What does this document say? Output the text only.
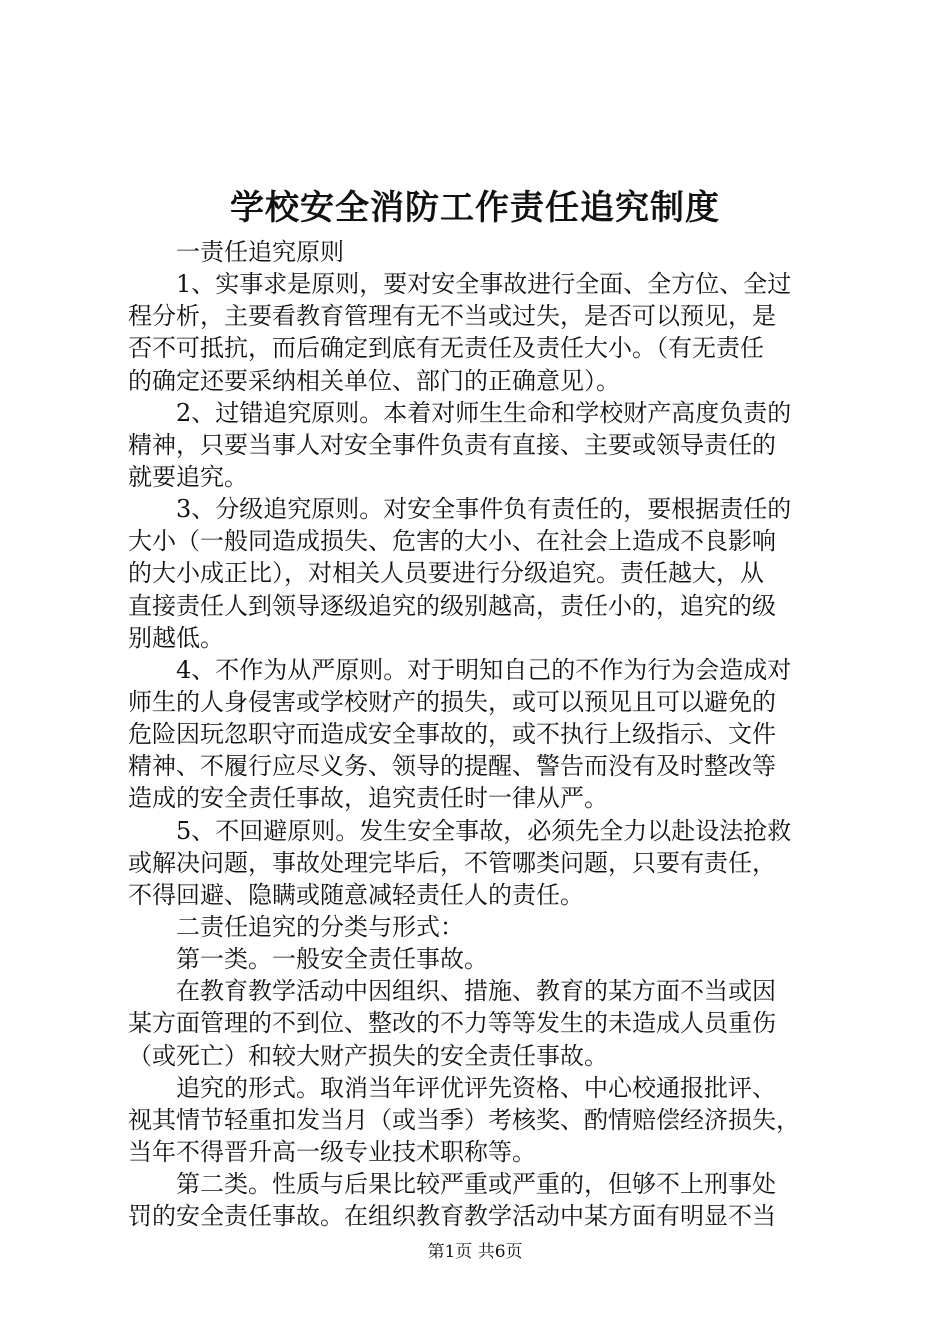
学校安全消防工作责任追究制度
　　一责任追究原则
　　1、实事求是原则，要对安全事故进行全面、全方位、全过
程分析，主要看教育管理有无不当或过失，是否可以预见，是
否不可抵抗，而后确定到底有无责任及责任大小。（有无责任
的确定还要采纳相关单位、部门的正确意见）。
　　2、过错追究原则。本着对师生生命和学校财产高度负责的
精神，只要当事人对安全事件负责有直接、主要或领导责任的
就要追究。
　　3、分级追究原则。对安全事件负有责任的，要根据责任的
大小（一般同造成损失、危害的大小、在社会上造成不良影响
的大小成正比），对相关人员要进行分级追究。责任越大，从
直接责任人到领导逐级追究的级别越高，责任小的，追究的级
别越低。
　　4、不作为从严原则。对于明知自己的不作为行为会造成对
师生的人身侵害或学校财产的损失，或可以预见且可以避免的
危险因玩忽职守而造成安全事故的，或不执行上级指示、文件
精神、不履行应尽义务、领导的提醒、警告而没有及时整改等
造成的安全责任事故，追究责任时一律从严。
　　5、不回避原则。发生安全事故，必须先全力以赴设法抢救
或解决问题，事故处理完毕后，不管哪类问题，只要有责任，
不得回避、隐瞒或随意减轻责任人的责任。
　　二责任追究的分类与形式：
　　第一类。一般安全责任事故。
　　在教育教学活动中因组织、措施、教育的某方面不当或因
某方面管理的不到位、整改的不力等等发生的未造成人员重伤
（或死亡）和较大财产损失的安全责任事故。
　　追究的形式。取消当年评优评先资格、中心校通报批评、
视其情节轻重扣发当月（或当季）考核奖、酌情赔偿经济损失，
当年不得晋升高一级专业技术职称等。
　　第二类。性质与后果比较严重或严重的，但够不上刑事处
罚的安全责任事故。在组织教育教学活动中某方面有明显不当
第1页 共6页
